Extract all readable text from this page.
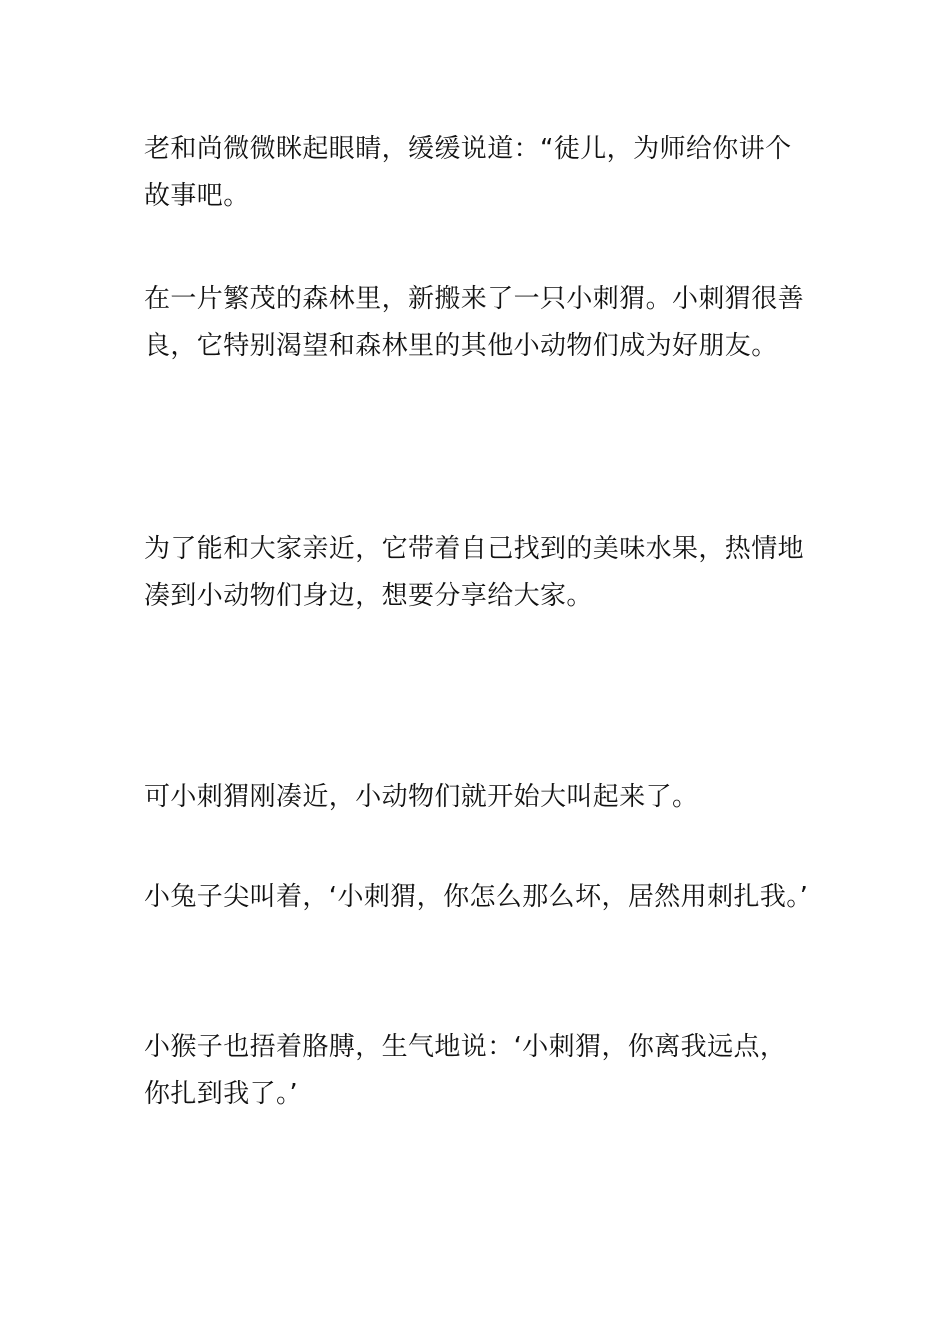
老和尚微微眯起眼睛，缓缓说道：“徒儿，为师给你讲个故事吧。

在一片繁茂的森林里，新搬来了一只小刺猬。小刺猬很善良，它特别渴望和森林里的其他小动物们成为好朋友。

为了能和大家亲近，它带着自己找到的美味水果，热情地凑到小动物们身边，想要分享给大家。

可小刺猬刚凑近，小动物们就开始大叫起来了。

小兔子尖叫着，‘小刺猬，你怎么那么坏，居然用刺扎我。’

小猴子也捂着胳膊，生气地说：‘小刺猬，你离我远点，你扎到我了。’
